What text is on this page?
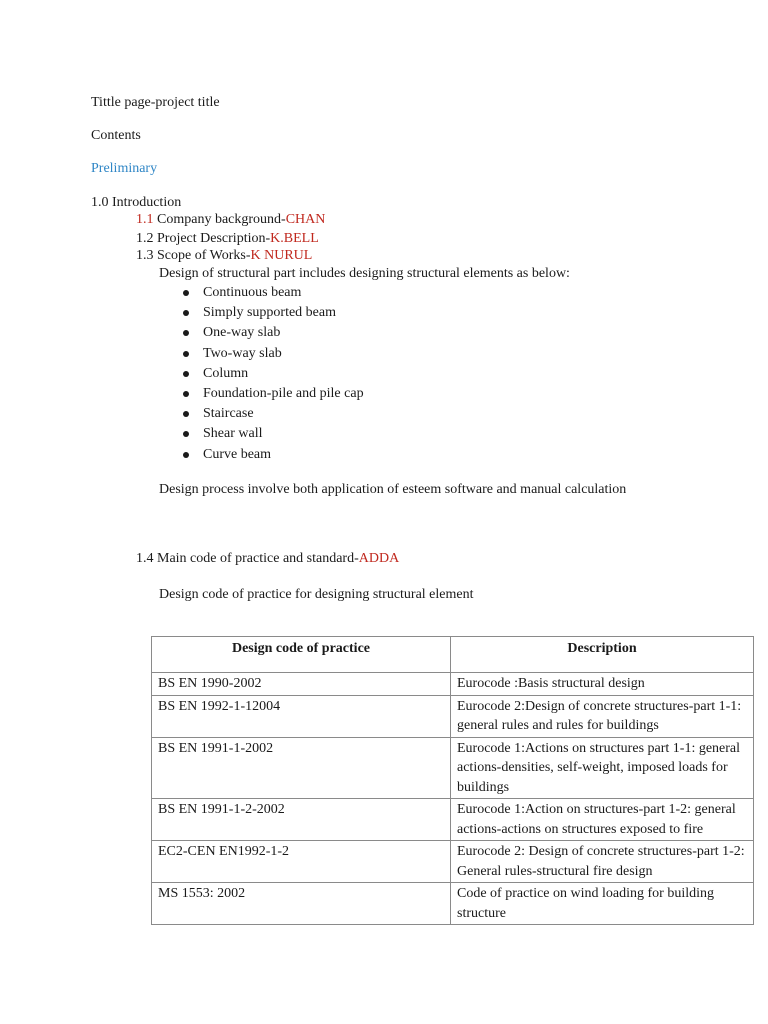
Tittle page-project title
Contents
Preliminary
1.0 Introduction
1.1 Company background-CHAN
1.2 Project Description-K.BELL
1.3 Scope of Works-K NURUL
Design of structural part includes designing structural elements as below:
Continuous beam
Simply supported beam
One-way slab
Two-way slab
Column
Foundation-pile and pile cap
Staircase
Shear wall
Curve beam
Design process involve both application of esteem software and manual calculation
1.4 Main code of practice and standard-ADDA
Design code of practice for designing structural element
Design code of practice	Description
BS EN 1990-2002	Eurocode :Basis structural design
BS EN 1992-1-12004	Eurocode 2:Design of concrete structures-part 1-1: general rules and rules for buildings
BS EN 1991-1-2002	Eurocode 1:Actions on structures part 1-1: general actions-densities, self-weight, imposed loads for buildings
BS EN 1991-1-2-2002	Eurocode 1:Action on structures-part 1-2: general actions-actions on structures exposed to fire
EC2-CEN EN1992-1-2	Eurocode 2: Design of concrete structures-part 1-2: General rules-structural fire design
MS 1553: 2002	Code of practice on wind loading for building structure
